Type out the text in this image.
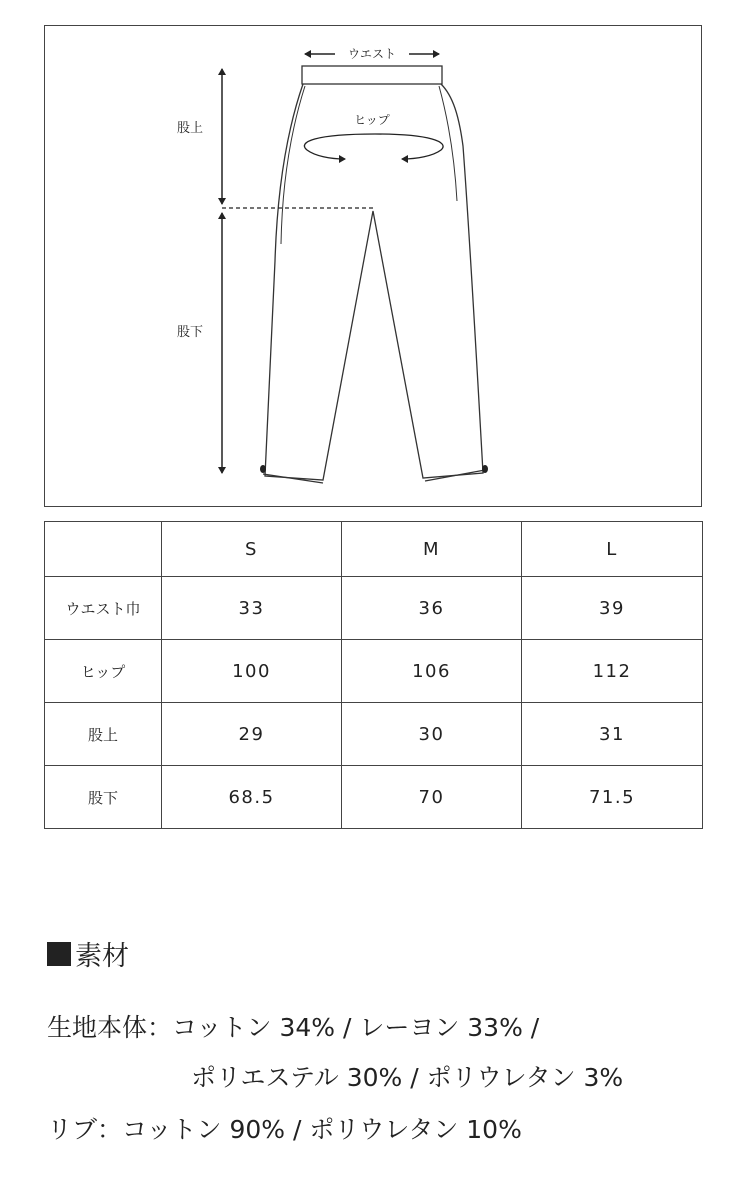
ウエスト
ヒップ
股上
股下
	S	M	L
ウエスト巾	33	36	39
ヒップ	100	106	112
股上	29	30	31
股下	68.5	70	71.5
素材
生地本体：コットン 34% / レーヨン 33% /
ポリエステル 30% / ポリウレタン 3%
リブ：コットン 90% / ポリウレタン 10%
